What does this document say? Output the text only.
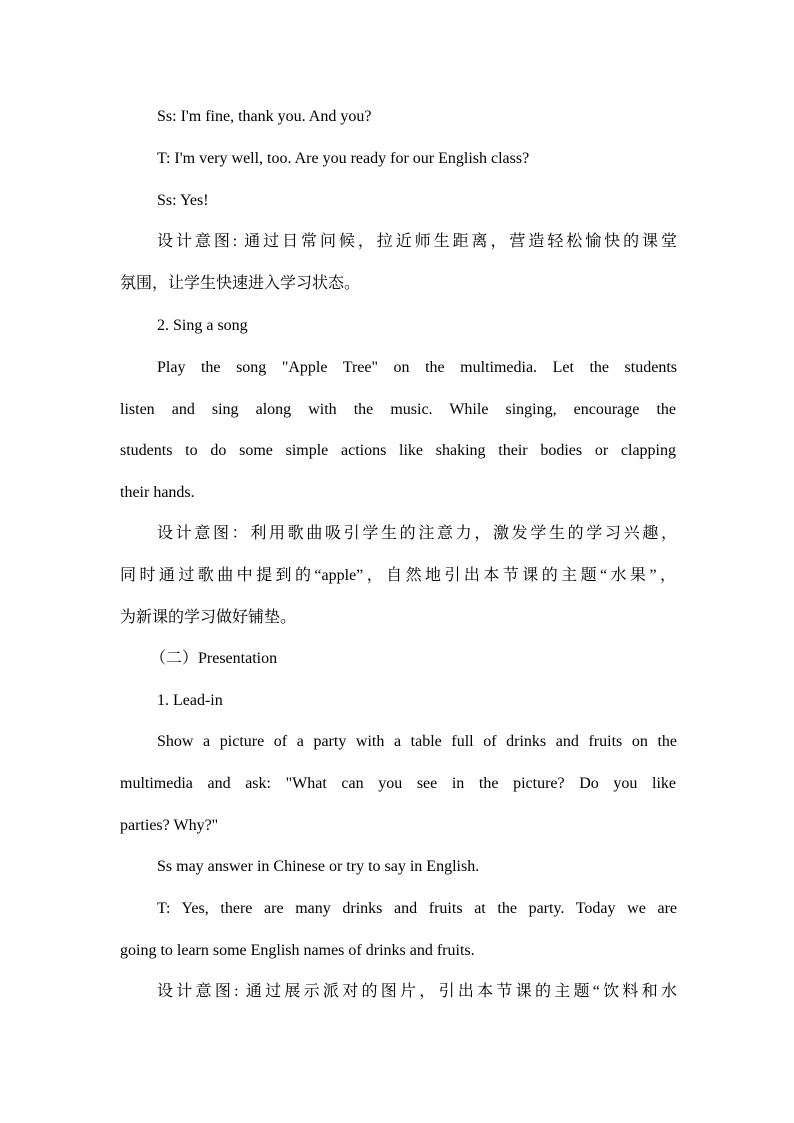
Ss: I'm fine, thank you. And you?
T: I'm very well, too. Are you ready for our English class?
Ss: Yes!
设计意图: 通过日常问候，拉近师生距离，营造轻松愉快的课堂
氛围，让学生快速进入学习状态。
2. Sing a song
Play the song "Apple Tree" on the multimedia. Let the students
listen and sing along with the music. While singing, encourage the
students to do some simple actions like shaking their bodies or clapping
their hands.
设计意图：利用歌曲吸引学生的注意力，激发学生的学习兴趣，
同时通过歌曲中提到的“apple”，自然地引出本节课的主题“水果”，
为新课的学习做好铺垫。
（二）Presentation
1. Lead-in
Show a picture of a party with a table full of drinks and fruits on the
multimedia and ask: "What can you see in the picture? Do you like
parties? Why?"
Ss may answer in Chinese or try to say in English.
T: Yes, there are many drinks and fruits at the party. Today we are
going to learn some English names of drinks and fruits.
设计意图: 通过展示派对的图片，引出本节课的主题“饮料和水
